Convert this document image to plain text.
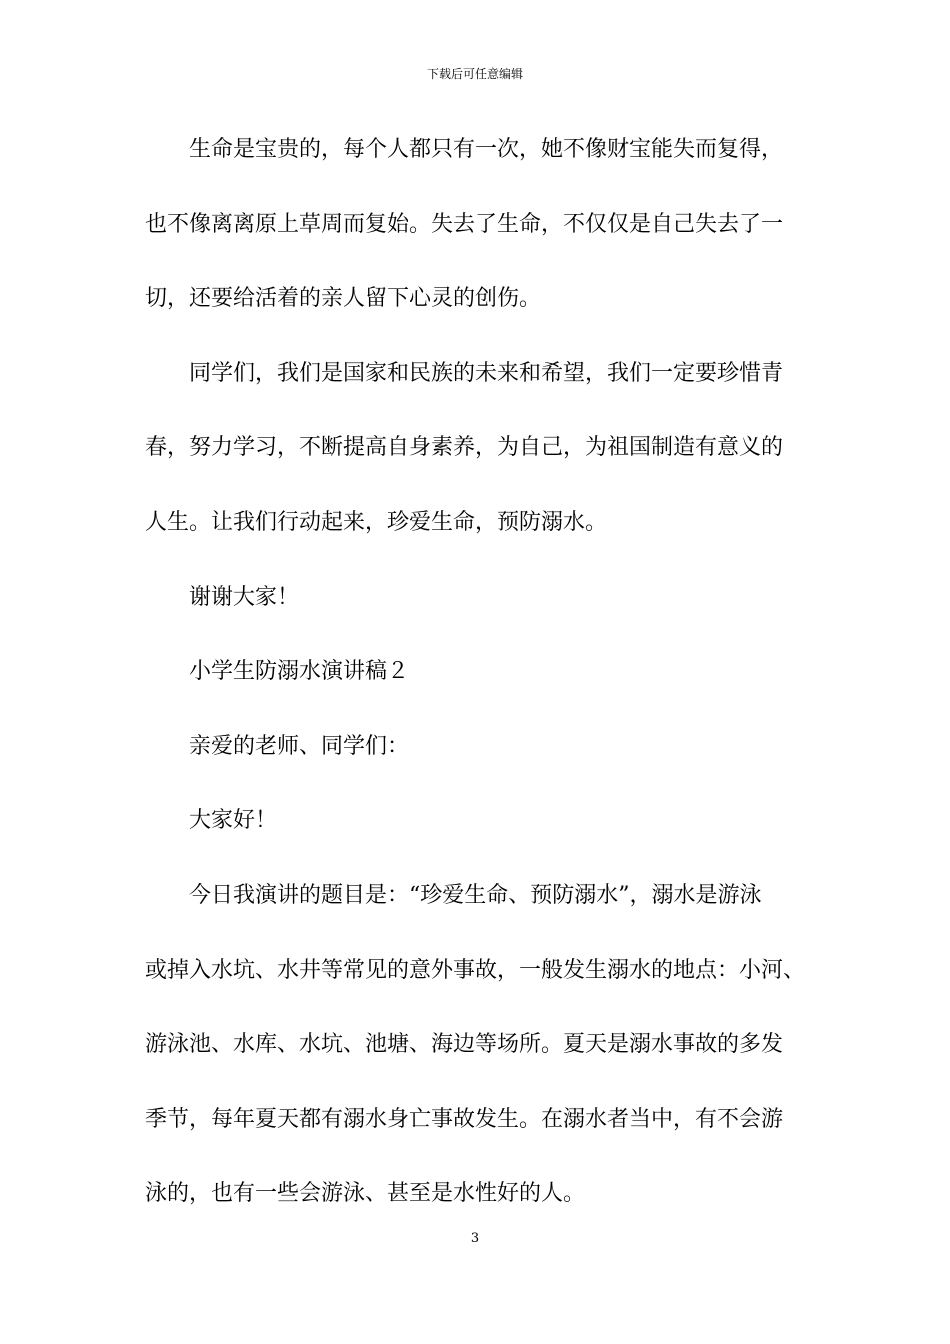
下载后可任意编辑
生命是宝贵的，每个人都只有一次，她不像财宝能失而复得，
也不像离离原上草周而复始。失去了生命，不仅仅是自己失去了一
切，还要给活着的亲人留下心灵的创伤。
同学们，我们是国家和民族的未来和希望，我们一定要珍惜青
春，努力学习，不断提高自身素养，为自己，为祖国制造有意义的
人生。让我们行动起来，珍爱生命，预防溺水。
谢谢大家！
小学生防溺水演讲稿２
亲爱的老师、同学们：
大家好！
今日我演讲的题目是：“珍爱生命、预防溺水”，溺水是游泳
或掉入水坑、水井等常见的意外事故，一般发生溺水的地点：小河、
游泳池、水库、水坑、池塘、海边等场所。夏天是溺水事故的多发
季节，每年夏天都有溺水身亡事故发生。在溺水者当中，有不会游
泳的，也有一些会游泳、甚至是水性好的人。
3
